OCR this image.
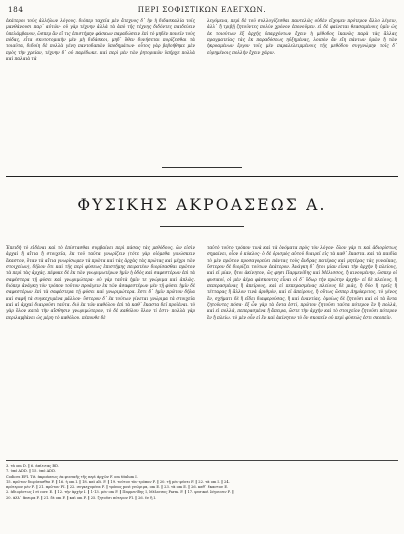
184	ΠΕΡΙ ΣΟΦΙΣΤΙΚΩΝ ΕΛΕΓΧΩΝ.

ἑκάτεροι τοὺς ἀλλήλων λόγους. διόπερ ταχεῖα μὲν ἄτεχνος δ᾽ ἦν ἡ διδασκαλία τοῖς μανθάνουσι παρ᾽ αὐτῶν· οὐ γὰρ τέχνην ἀλλὰ τὰ ἀπὸ τῆς τέχνης διδόντες παιδεύειν ὑπελάμβανον, ὥσπερ ἂν εἴ τις ἐπιστήμην φάσκων παραδώσειν ἐπὶ τὸ μηδὲν πονεῖν τοὺς πόδας, εἶτα σκυτοτομικὴν μὲν μὴ διδάσκοι, μηδ᾽ ὅθεν δυνήσεται πορίζεσθαι τὰ τοιαῦτα, διδοίη δὲ πολλὰ γένη παντοδαπῶν ὑποδημάτων· οὗτος γὰρ βεβοήθηκε μὲν πρὸς τὴν χρείαν, τέχνην δ᾽ οὐ παρέδωκε. καὶ περὶ μὲν τῶν ῥητορικῶν ὑπῆρχε πολλὰ καὶ παλαιὰ τὰ

λεγόμενα, περὶ δὲ τοῦ συλλογίζεσθαι παντελῶς οὐδὲν εἴχομεν πρότερον ἄλλο λέγειν, ἀλλ᾽ ἢ τριβῇ ζητοῦντες πολὺν χρόνον ἐπονοῦμεν. εἰ δὲ φαίνεται θεασαμένοις ὑμῖν ὡς ἐκ τοιούτων ἐξ ἀρχῆς ὑπαρχόντων ἔχειν ἡ μέθοδος ἱκανῶς παρὰ τὰς ἄλλας πραγματείας τὰς ἐκ παραδόσεως ηὐξημένας, λοιπὸν ἂν εἴη πάντων ὑμῶν ἢ τῶν ἠκροαμένων ἔργον τοῖς μὲν παραλελειμμένοις τῆς μεθόδου συγγνώμην τοῖς δ᾽ εὑρημένοις πολλὴν ἔχειν χάριν.

ΦΥΣΙΚΗΣ ΑΚΡΟΑΣΕΩΣ Α.

Ἐπειδὴ τὸ εἰδέναι καὶ τὸ ἐπίστασθαι συμβαίνει περὶ πάσας τὰς μεθόδους, ὧν εἰσὶν ἀρχαὶ ἢ αἴτια ἢ στοιχεῖα, ἐκ τοῦ ταῦτα γνωρίζειν (τότε γὰρ οἰόμεθα γινώσκειν ἕκαστον, ὅταν τὰ αἴτια γνωρίσωμεν τὰ πρῶτα καὶ τὰς ἀρχὰς τὰς πρώτας καὶ μέχρι τῶν στοιχείων), δῆλον ὅτι καὶ τῆς περὶ φύσεως ἐπιστήμης πειρατέον διορίσασθαι πρῶτον τὰ περὶ τὰς ἀρχάς. πέφυκε δὲ ἐκ τῶν γνωριμωτέρων ἡμῖν ἡ ὁδὸς καὶ σαφεστέρων ἐπὶ τὰ σαφέστερα τῇ φύσει καὶ γνωριμώτερα· οὐ γὰρ ταὐτὰ ἡμῖν τε γνώριμα καὶ ἁπλῶς. διόπερ ἀνάγκη τὸν τρόπον τοῦτον προάγειν ἐκ τῶν ἀσαφεστέρων μὲν τῇ φύσει ἡμῖν δὲ σαφεστέρων ἐπὶ τὰ σαφέστερα τῇ φύσει καὶ γνωριμώτερα. ἔστι δ᾽ ἡμῖν πρῶτον δῆλα καὶ σαφῆ τὰ συγκεχυμένα μᾶλλον· ὕστερον δ᾽ ἐκ τούτων γίνεται γνώριμα τὰ στοιχεῖα καὶ αἱ ἀρχαὶ διαιροῦσι ταῦτα. διὸ ἐκ τῶν καθόλου ἐπὶ τὰ καθ᾽ ἕκαστα δεῖ προϊέναι. τὸ γὰρ ὅλον κατὰ τὴν αἴσθησιν γνωριμώτερον, τὸ δὲ καθόλου ὅλον τί ἐστι· πολλὰ γὰρ περιλαμβάνει ὡς μέρη τὸ καθόλου. πέπονθε δὲ

ταὐτὸ τοῦτο τρόπον τινὰ καὶ τὰ ὀνόματα πρὸς τὸν λόγον· ὅλον γάρ τι καὶ ἀδιορίστως σημαίνει, οἷον ὁ κύκλος· ὁ δὲ ὁρισμὸς αὐτοῦ διαιρεῖ εἰς τὰ καθ᾽ ἕκαστα. καὶ τὰ παιδία τὸ μὲν πρῶτον προσαγορεύει πάντας τοὺς ἄνδρας πατέρας καὶ μητέρας τὰς γυναῖκας, ὕστερον δὲ διορίζει τούτων ἑκάτερον. Ἀνάγκη δ᾽ ἤτοι μίαν εἶναι τὴν ἀρχὴν ἢ πλείους, καὶ εἰ μίαν, ἤτοι ἀκίνητον, ὥς φησι Παρμενίδης καὶ Μέλισσος, ἢ κινουμένην, ὥσπερ οἱ φυσικοί, οἱ μὲν ἀέρα φάσκοντες εἶναι οἱ δ᾽ ὕδωρ τὴν πρώτην ἀρχήν· εἰ δὲ πλείους, ἢ πεπερασμένας ἢ ἀπείρους, καὶ εἰ πεπερασμένας πλείους δὲ μιᾶς, ἢ δύο ἢ τρεῖς ἢ τέτταρας ἢ ἄλλον τινὰ ἀριθμόν, καὶ εἰ ἀπείρους, ἢ οὕτως ὥσπερ Δημόκριτος, τὸ γένος ἕν, σχήματι δὲ ἢ εἴδει διαφερούσας, ἢ καὶ ἐναντίας. ὁμοίως δὲ ζητοῦσι καὶ οἱ τὰ ὄντα ζητοῦντες πόσα· ἐξ ὧν γὰρ τὰ ὄντα ἐστί, πρῶτον ζητοῦσι ταῦτα πότερον ἓν ἢ πολλά, καὶ εἰ πολλά, πεπερασμένα ἢ ἄπειρα, ὥστε τὴν ἀρχὴν καὶ τὸ στοιχεῖον ζητοῦσι πότερον ἓν ἢ πλείω. τὸ μὲν οὖν εἰ ἓν καὶ ἀκίνητον τὸ ὂν σκοπεῖν οὐ περὶ φύσεώς ἐστι σκοπεῖν.

3. τὰ om D. ‖ 6. ἀπίειτας BD.
7. ὑπό ADD. ‖ 15. ὑπό ADD.
Codices EFI. Tit. ἀκροάσεως ἐκ φυσικῆς τῆς περὶ ἀρχῶν F. om titulum I.
15. πρῶτον διορίσασθαι F. ‖ 16. ἡ om I. ‖ 18. καὶ alt. F. ‖ 19. τούτου τὸν τρόπον F. ‖ 20. τῇ μὲν φύσει F. ‖ 22. τὰ om I. ‖ 24.
πρότερον μὲν F. ‖ 21. πρῶτον FI. ‖ 22. συγκεχυμένα F. ‖ τρόπος post γνώριμα, om E. ‖ 23. τὰ om E. ‖ 26. καθ᾽ ἕκαστον E.
2. ἀδιορίστως I et corr. E. ‖ 12. τὴν ἀρχὴν I. ‖ 1-13. μὲν om F. ‖ Παρμενίδης I, Μέλισσος Parm. F. ‖ 17. φυσικοὶ λέγουσιν F. ‖
20. ἀλλ᾽ ἄπειρα F. ‖ 21. δὲ om F. ‖ καὶ om F. ‖ 25. ζητοῦσι πότερον FI. ‖ 26. ἓν ἢ I.
